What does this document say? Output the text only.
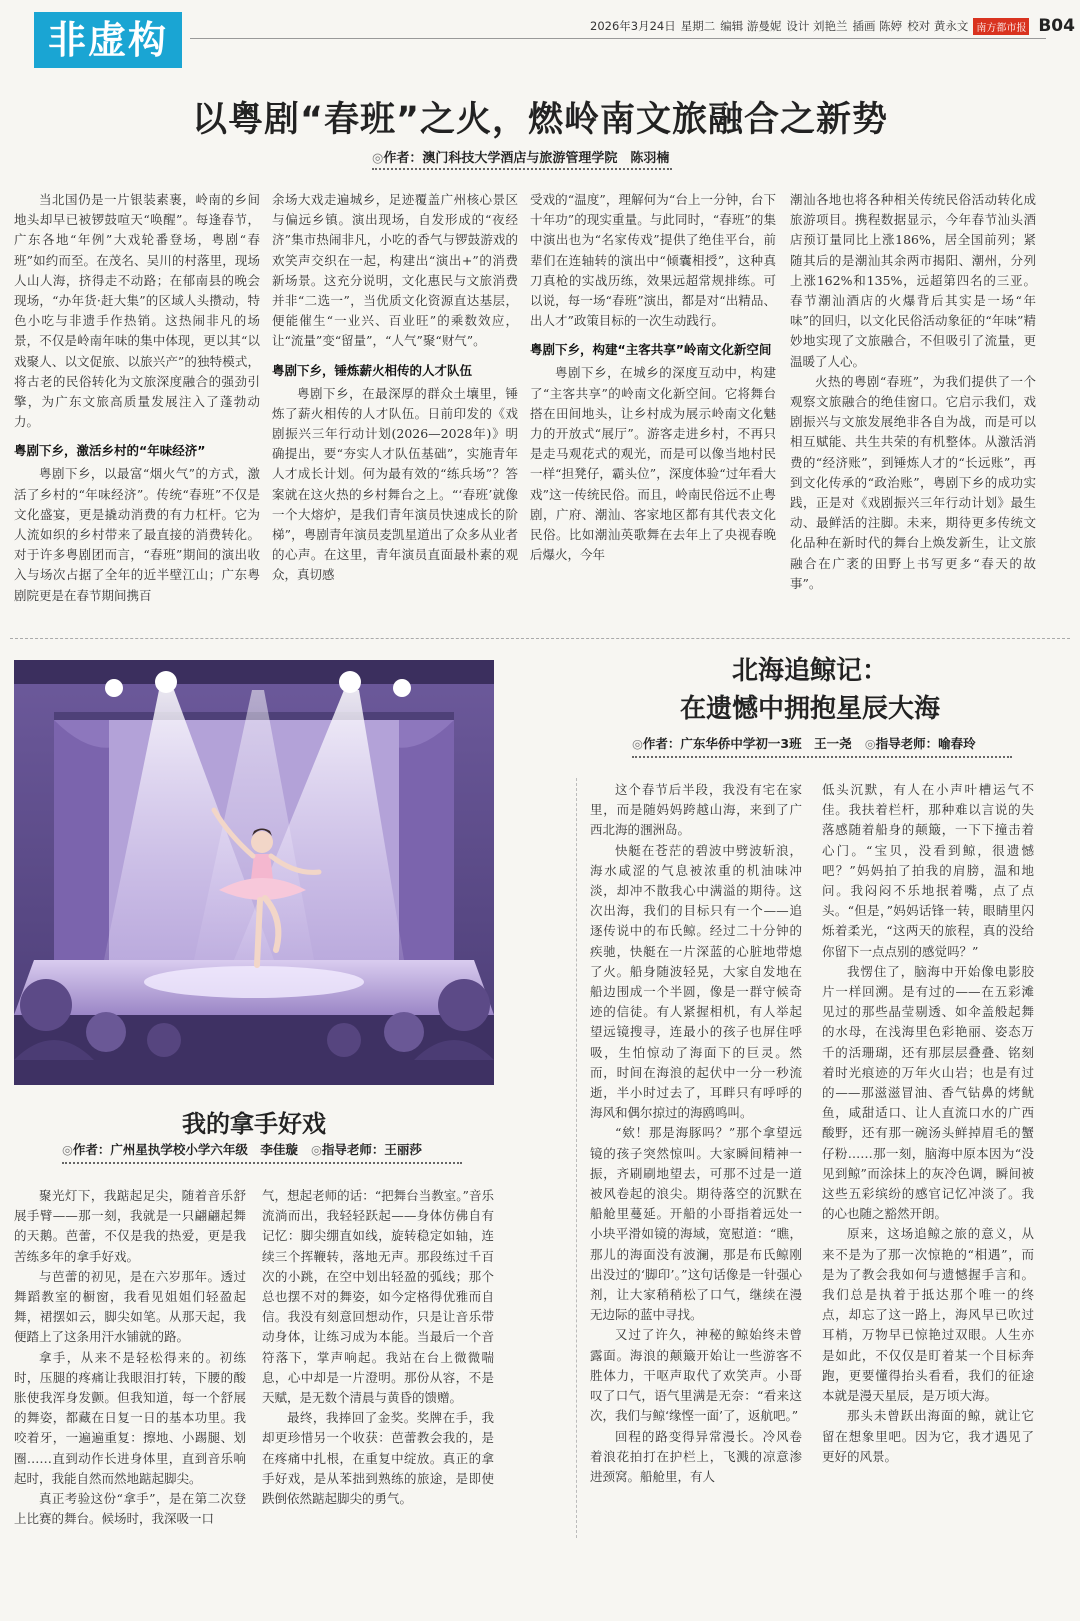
非虚构	2026年3月24日 星期二 编辑 游曼妮 设计 刘艳兰 插画 陈婷 校对 黄永文 南方都市报 B04
以粤剧“春班”之火，燃岭南文旅融合之新势
◎作者：澳门科技大学酒店与旅游管理学院　陈羽楠

当北国仍是一片银装素裹，岭南的乡间地头却早已被锣鼓喧天“唤醒”。每逢春节，广东各地“年例”大戏轮番登场，粤剧“春班”如约而至。在茂名、吴川的村落里，现场人山人海，挤得走不动路；在郁南县的晚会现场，“办年货·赶大集”的区域人头攒动，特色小吃与非遗手作热销。这热闹非凡的场景，不仅是岭南年味的集中体现，更以其“以戏聚人、以文促旅、以旅兴产”的独特模式，将古老的民俗转化为文旅深度融合的强劲引擎，为广东文旅高质量发展注入了蓬勃动力。

粤剧下乡，激活乡村的“年味经济”

粤剧下乡，以最富“烟火气”的方式，激活了乡村的“年味经济”。传统“春班”不仅是文化盛宴，更是撬动消费的有力杠杆。它为人流如织的乡村带来了最直接的消费转化。对于许多粤剧团而言，“春班”期间的演出收入与场次占据了全年的近半壁江山；广东粤剧院更是在春节期间携百

余场大戏走遍城乡，足迹覆盖广州核心景区与偏远乡镇。演出现场，自发形成的“夜经济”集市热闹非凡，小吃的香气与锣鼓游戏的欢笑声交织在一起，构建出“演出+”的消费新场景。这充分说明，文化惠民与文旅消费并非“二选一”，当优质文化资源直达基层，便能催生“一业兴、百业旺”的乘数效应，让“流量”变“留量”，“人气”聚“财气”。

粤剧下乡，锤炼薪火相传的人才队伍

粤剧下乡，在最深厚的群众土壤里，锤炼了薪火相传的人才队伍。日前印发的《戏剧振兴三年行动计划(2026—2028年)》明确提出，要“夯实人才队伍基础”，实施青年人才成长计划。何为最有效的“练兵场”？答案就在这火热的乡村舞台之上。“‘春班’就像一个大熔炉，是我们青年演员快速成长的阶梯”，粤剧青年演员麦凯星道出了众多从业者的心声。在这里，青年演员直面最朴素的观众，真切感

受戏的“温度”，理解何为“台上一分钟，台下十年功”的现实重量。与此同时，“春班”的集中演出也为“名家传戏”提供了绝佳平台，前辈们在连轴转的演出中“倾囊相授”，这种真刀真枪的实战历练，效果远超常规排练。可以说，每一场“春班”演出，都是对“出精品、出人才”政策目标的一次生动践行。

粤剧下乡，构建“主客共享”岭南文化新空间

粤剧下乡，在城乡的深度互动中，构建了“主客共享”的岭南文化新空间。它将舞台搭在田间地头，让乡村成为展示岭南文化魅力的开放式“展厅”。游客走进乡村，不再只是走马观花式的观光，而是可以像当地村民一样“担凳仔，霸头位”，深度体验“过年看大戏”这一传统民俗。而且，岭南民俗远不止粤剧，广府、潮汕、客家地区都有其代表文化民俗。比如潮汕英歌舞在去年上了央视春晚后爆火，今年

潮汕各地也将各种相关传统民俗活动转化成旅游项目。携程数据显示，今年春节汕头酒店预订量同比上涨186%，居全国前列；紧随其后的是潮汕其余两市揭阳、潮州，分列上涨162%和135%，远超第四名的三亚。春节潮汕酒店的火爆背后其实是一场“年味”的回归，以文化民俗活动象征的“年味”精妙地实现了文旅融合，不但吸引了流量，更温暖了人心。

火热的粤剧“春班”，为我们提供了一个观察文旅融合的绝佳窗口。它启示我们，戏剧振兴与文旅发展绝非各自为战，而是可以相互赋能、共生共荣的有机整体。从激活消费的“经济账”，到锤炼人才的“长远账”，再到文化传承的“政治账”，粤剧下乡的成功实践，正是对《戏剧振兴三年行动计划》最生动、最鲜活的注脚。未来，期待更多传统文化品种在新时代的舞台上焕发新生，让文旅融合在广袤的田野上书写更多“春天的故事”。

我的拿手好戏
◎作者：广州星执学校小学六年级　李佳璇 ◎指导老师：王丽莎

聚光灯下，我踮起足尖，随着音乐舒展手臂——那一刻，我就是一只翩翩起舞的天鹅。芭蕾，不仅是我的热爱，更是我苦练多年的拿手好戏。

与芭蕾的初见，是在六岁那年。透过舞蹈教室的橱窗，我看见姐姐们轻盈起舞，裙摆如云，脚尖如笔。从那天起，我便踏上了这条用汗水铺就的路。

拿手，从来不是轻松得来的。初练时，压腿的疼痛让我眼泪打转，下腰的酸胀使我浑身发颤。但我知道，每一个舒展的舞姿，都藏在日复一日的基本功里。我咬着牙，一遍遍重复：擦地、小踢腿、划圈……直到动作长进身体里，直到音乐响起时，我能自然而然地踮起脚尖。

真正考验这份“拿手”，是在第二次登上比赛的舞台。候场时，我深吸一口

气，想起老师的话：“把舞台当教室。”音乐流淌而出，我轻轻跃起——身体仿佛自有记忆：脚尖绷直如线，旋转稳定如轴，连续三个挥鞭转，落地无声。那段练过千百次的小跳，在空中划出轻盈的弧线；那个总也摆不对的舞姿，如今定格得优雅而自信。我没有刻意回想动作，只是让音乐带动身体，让练习成为本能。当最后一个音符落下，掌声响起。我站在台上微微喘息，心中却是一片澄明。那份从容，不是天赋，是无数个清晨与黄昏的馈赠。

最终，我捧回了金奖。奖牌在手，我却更珍惜另一个收获：芭蕾教会我的，是在疼痛中扎根，在重复中绽放。真正的拿手好戏，是从苯拙到熟练的旅途，是即使跌倒依然踮起脚尖的勇气。

北海追鲸记：
在遗憾中拥抱星辰大海
◎作者：广东华侨中学初一3班　王一尧 ◎指导老师：喻春玲

这个春节后半段，我没有宅在家里，而是随妈妈跨越山海，来到了广西北海的涠洲岛。

快艇在苍茫的碧波中劈波斩浪，海水咸涩的气息被浓重的机油味冲淡，却冲不散我心中满溢的期待。这次出海，我们的目标只有一个——追逐传说中的布氏鲸。经过二十分钟的疾驰，快艇在一片深蓝的心脏地带熄了火。船身随波轻晃，大家自发地在船边围成一个半圆，像是一群守候奇迹的信徒。有人紧握相机，有人举起望远镜搜寻，连最小的孩子也屏住呼吸，生怕惊动了海面下的巨灵。然而，时间在海浪的起伏中一分一秒流逝，半小时过去了，耳畔只有呼呼的海风和偶尔掠过的海鸥鸣叫。

“欸！那是海豚吗？”那个拿望远镜的孩子突然惊叫。大家瞬间精神一振，齐刷刷地望去，可那不过是一道被风卷起的浪尖。期待落空的沉默在船舱里蔓延。开船的小哥指着远处一小块平滑如镜的海域，宽慰道：“瞧，那儿的海面没有波澜，那是布氏鲸刚出没过的‘脚印’。”这句话像是一针强心剂，让大家稍稍松了口气，继续在漫无边际的蓝中寻找。

又过了许久，神秘的鲸始终未曾露面。海浪的颠簸开始让一些游客不胜体力，干呕声取代了欢笑声。小哥叹了口气，语气里满是无奈：“看来这次，我们与鲸‘缘悭一面’了，返航吧。”

回程的路变得异常漫长。冷风卷着浪花拍打在护栏上，飞溅的凉意渗进颈窝。船舱里，有人

低头沉默，有人在小声叶槽运气不佳。我扶着栏杆，那种难以言说的失落感随着船身的颠簸，一下下撞击着心门。“宝贝，没看到鲸，很遗憾吧？”妈妈拍了拍我的肩膀，温和地问。我闷闷不乐地抿着嘴，点了点头。“但是，”妈妈话锋一转，眼睛里闪烁着柔光，“这两天的旅程，真的没给你留下一点点别的感觉吗？”

我愣住了，脑海中开始像电影胶片一样回溯。是有过的——在五彩滩见过的那些晶莹剔透、如伞盖般起舞的水母，在浅海里色彩艳丽、姿态万千的活珊瑚，还有那层层叠叠、铭刻着时光痕迹的万年火山岩；也是有过的——那滋滋冒油、香气钻鼻的烤鱿鱼，咸甜适口、让人直流口水的广西酸野，还有那一碗汤头鲜掉眉毛的蟹仔粉……那一刻，脑海中原本因为“没见到鲸”而涂抹上的灰冷色调，瞬间被这些五彩缤纷的感官记忆冲淡了。我的心也随之豁然开朗。

原来，这场追鲸之旅的意义，从来不是为了那一次惊艳的“相遇”，而是为了教会我如何与遗憾握手言和。我们总是执着于抵达那个唯一的终点，却忘了这一路上，海风早已吹过耳梢，万物早已惊艳过双眼。人生亦是如此，不仅仅是盯着某一个目标奔跑，更要懂得抬头看看，我们的征途本就是漫天星辰，是万顷大海。

那头未曾跃出海面的鲸，就让它留在想象里吧。因为它，我才遇见了更好的风景。
